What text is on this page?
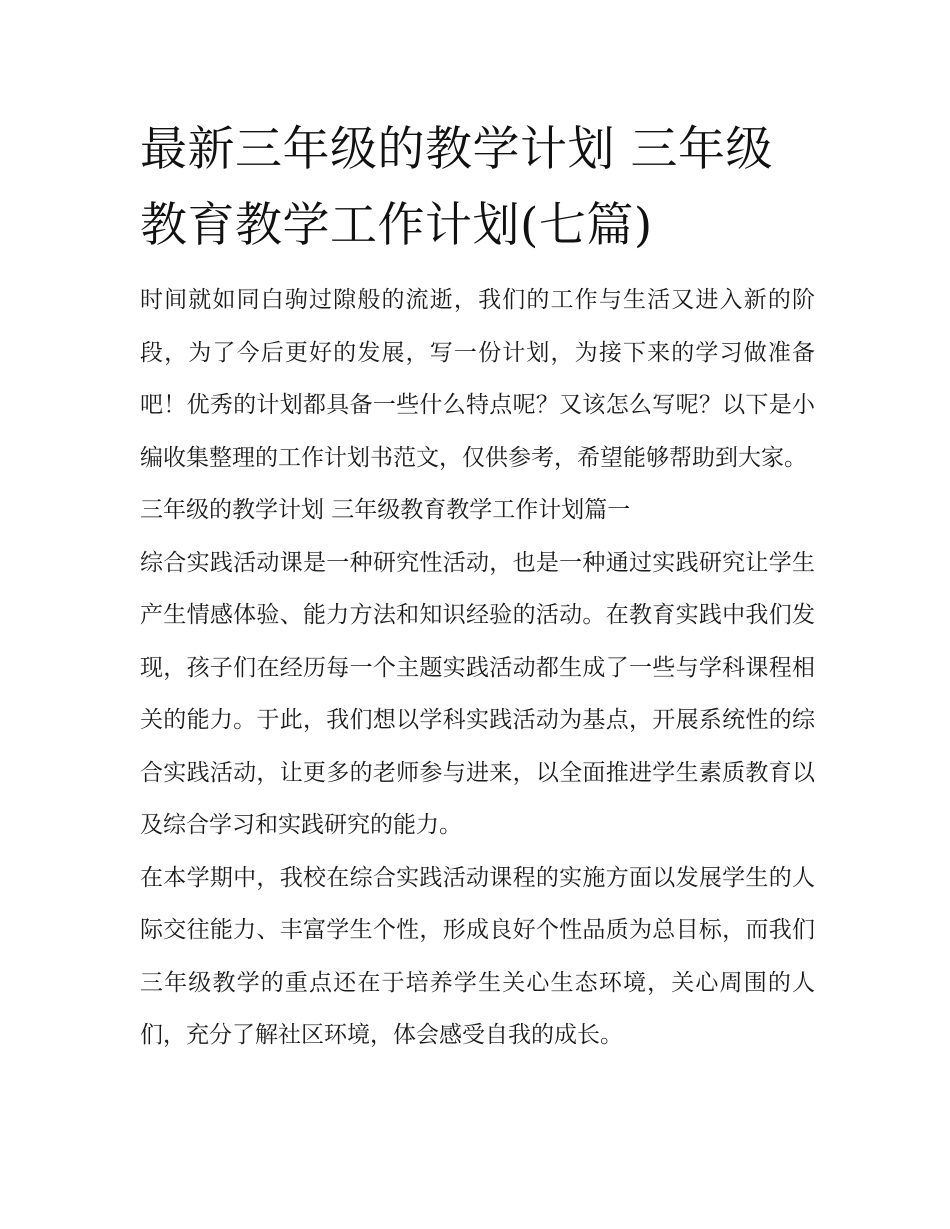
最新三年级的教学计划 三年级教育教学工作计划(七篇)

时间就如同白驹过隙般的流逝，我们的工作与生活又进入新的阶段，为了今后更好的发展，写一份计划，为接下来的学习做准备吧！优秀的计划都具备一些什么特点呢？又该怎么写呢？以下是小编收集整理的工作计划书范文，仅供参考，希望能够帮助到大家。

三年级的教学计划 三年级教育教学工作计划篇一

综合实践活动课是一种研究性活动，也是一种通过实践研究让学生产生情感体验、能力方法和知识经验的活动。在教育实践中我们发现，孩子们在经历每一个主题实践活动都生成了一些与学科课程相关的能力。于此，我们想以学科实践活动为基点，开展系统性的综合实践活动，让更多的老师参与进来，以全面推进学生素质教育以及综合学习和实践研究的能力。

在本学期中，我校在综合实践活动课程的实施方面以发展学生的人际交往能力、丰富学生个性，形成良好个性品质为总目标，而我们三年级教学的重点还在于培养学生关心生态环境，关心周围的人们，充分了解社区环境，体会感受自我的成长。
